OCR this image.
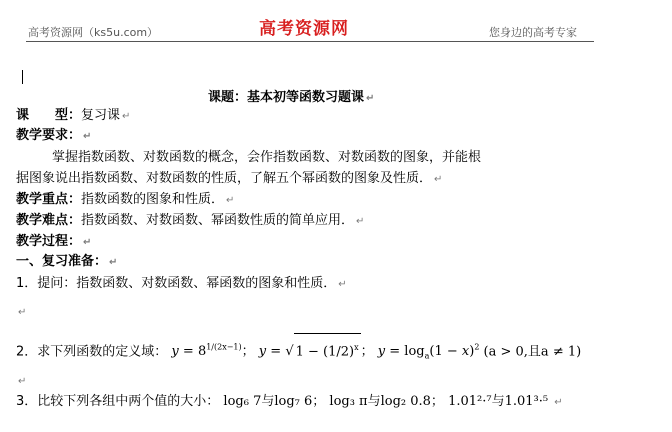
高考资源网（ks5u.com）	高考资源网	您身边的高考专家
课题：基本初等函数习题课 ↵
课　　型：复习课 ↵
教学要求： ↵
掌握指数函数、对数函数的概念，会作指数函数、对数函数的图象，并能根
据图象说出指数函数、对数函数的性质，了解五个幂函数的图象及性质． ↵
教学重点：指数函数的图象和性质． ↵
教学难点：指数函数、对数函数、幂函数性质的简单应用． ↵
教学过程： ↵
一、复习准备： ↵
1．提问：指数函数、对数函数、幂函数的图象和性质． ↵
↵
2．求下列函数的定义域： $y = 8^{1/(2x-1)}$； y = √ $1 - (1/2)^x$ ； $y = \log_a(1 - x)^2$ (a > 0,且a ≠ 1)
↵
3．比较下列各组中两个值的大小： log₆ 7与log₇ 6； log₃ π与log₂ 0.8； 1.01²·⁷与1.01³·⁵ ↵
